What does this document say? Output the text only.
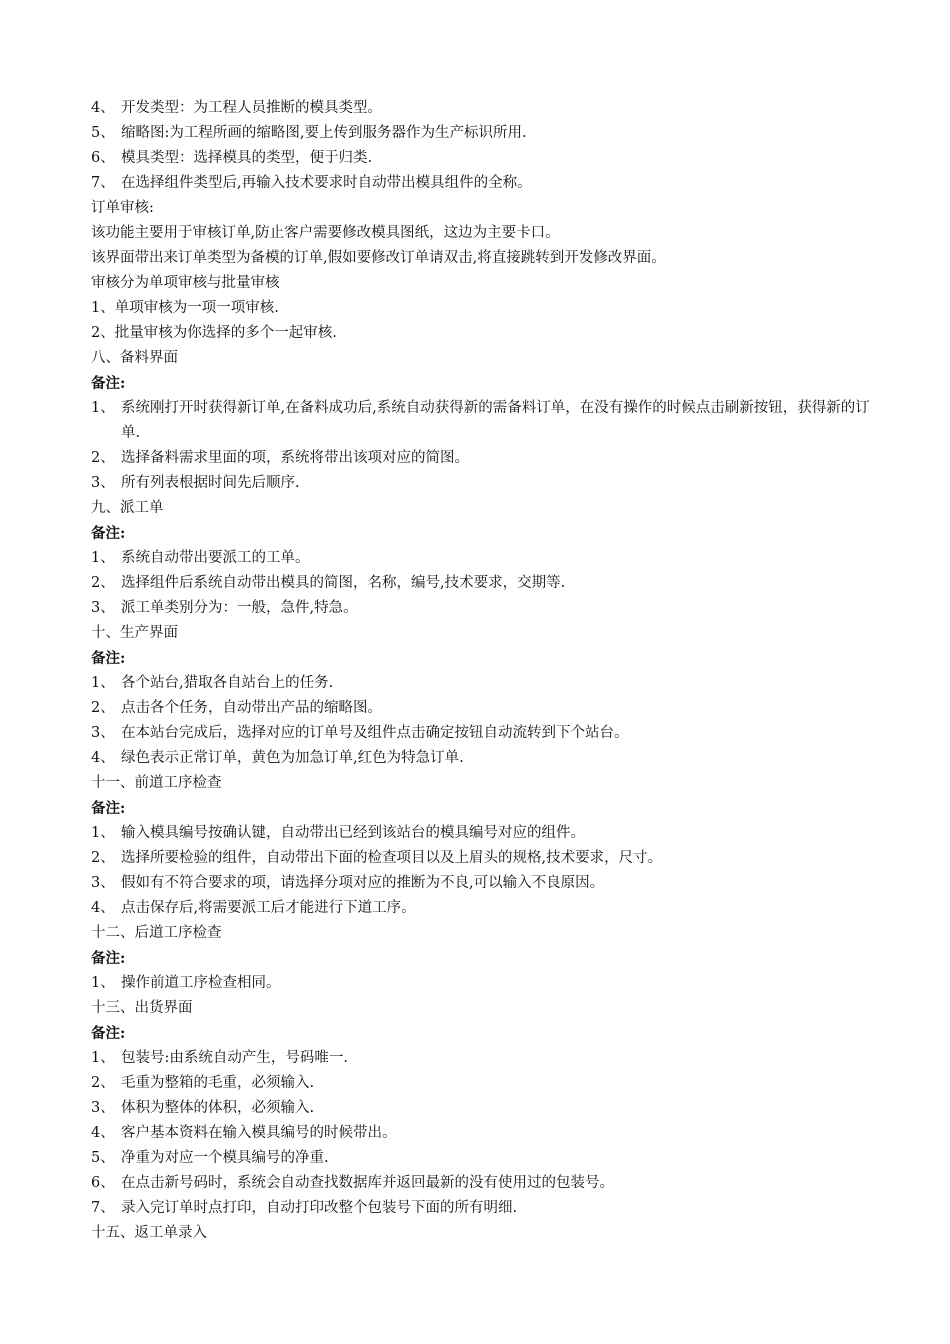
4、 开发类型：为工程人员推断的模具类型。
5、 缩略图:为工程所画的缩略图,要上传到服务器作为生产标识所用.
6、 模具类型：选择模具的类型，便于归类.
7、 在选择组件类型后,再输入技术要求时自动带出模具组件的全称。
订单审核:
该功能主要用于审核订单,防止客户需要修改模具图纸，这边为主要卡口。
该界面带出来订单类型为备模的订单,假如要修改订单请双击,将直接跳转到开发修改界面。
审核分为单项审核与批量审核
1、单项审核为一项一项审核.
2、批量审核为你选择的多个一起审核.
八、备料界面
备注:
1、 系统刚打开时获得新订单,在备料成功后,系统自动获得新的需备料订单，在没有操作的时候点击刷新按钮，获得新的订单.
2、 选择备料需求里面的项，系统将带出该项对应的简图。
3、 所有列表根据时间先后顺序.
九、派工单
备注:
1、 系统自动带出要派工的工单。
2、 选择组件后系统自动带出模具的简图，名称，编号,技术要求，交期等.
3、 派工单类别分为：一般，急件,特急。
十、生产界面
备注:
1、 各个站台,猎取各自站台上的任务.
2、 点击各个任务，自动带出产品的缩略图。
3、 在本站台完成后，选择对应的订单号及组件点击确定按钮自动流转到下个站台。
4、 绿色表示正常订单，黄色为加急订单,红色为特急订单.
十一、前道工序检查
备注:
1、 输入模具编号按确认键，自动带出已经到该站台的模具编号对应的组件。
2、 选择所要检验的组件，自动带出下面的检查项目以及上眉头的规格,技术要求，尺寸。
3、 假如有不符合要求的项，请选择分项对应的推断为不良,可以输入不良原因。
4、 点击保存后,将需要派工后才能进行下道工序。
十二、后道工序检查
备注:
1、 操作前道工序检查相同。
十三、出货界面
备注:
1、 包装号:由系统自动产生，号码唯一.
2、 毛重为整箱的毛重，必须输入.
3、 体积为整体的体积，必须输入.
4、 客户基本资料在输入模具编号的时候带出。
5、 净重为对应一个模具编号的净重.
6、 在点击新号码时，系统会自动查找数据库并返回最新的没有使用过的包装号。
7、 录入完订单时点打印，自动打印改整个包装号下面的所有明细.
十五、返工单录入
